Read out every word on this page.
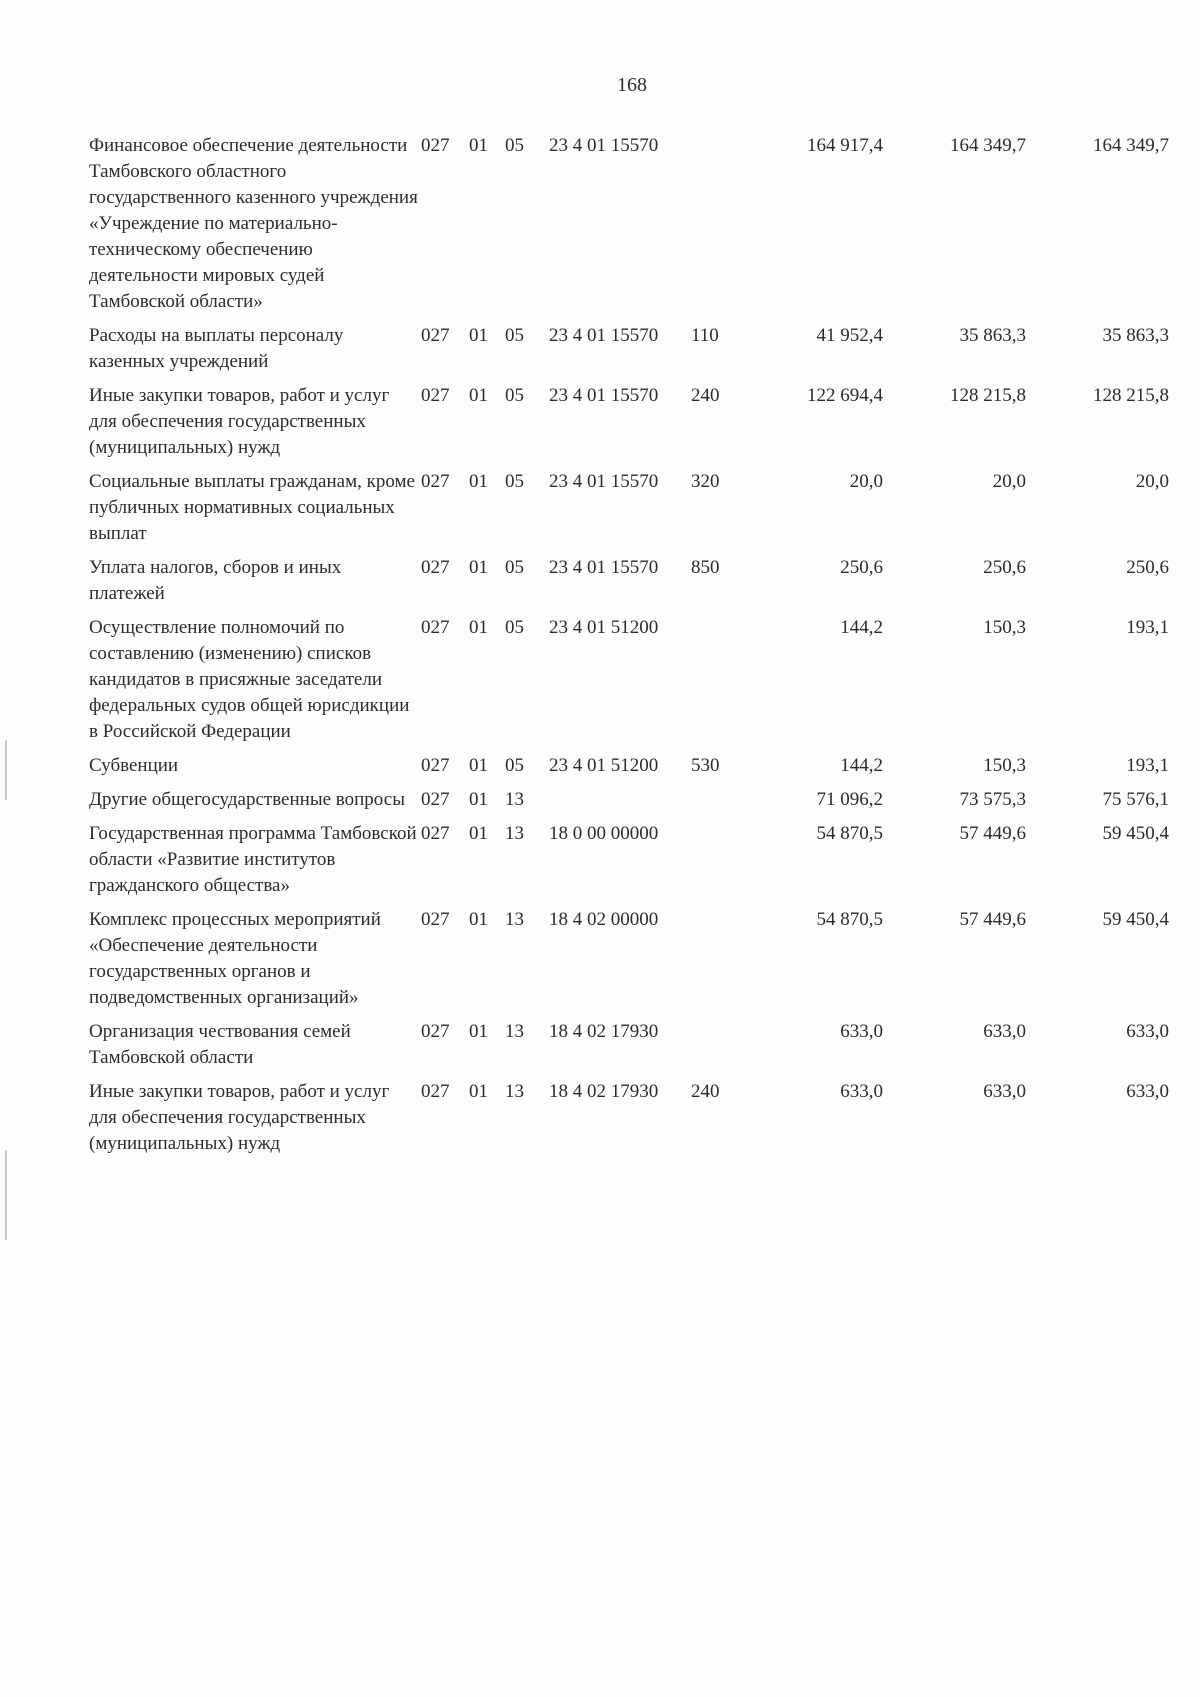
168
Финансовое обеспечение деятельности Тамбовского областного государственного казенного учреждения «Учреждение по материально-техническому обеспечению деятельности мировых судей Тамбовской области»	027	01	05	23 4 01 15570		164 917,4	164 349,7	164 349,7
Расходы на выплаты персоналу казенных учреждений	027	01	05	23 4 01 15570	110	41 952,4	35 863,3	35 863,3
Иные закупки товаров, работ и услуг для обеспечения государственных (муниципальных) нужд	027	01	05	23 4 01 15570	240	122 694,4	128 215,8	128 215,8
Социальные выплаты гражданам, кроме публичных нормативных социальных выплат	027	01	05	23 4 01 15570	320	20,0	20,0	20,0
Уплата налогов, сборов и иных платежей	027	01	05	23 4 01 15570	850	250,6	250,6	250,6
Осуществление полномочий по составлению (изменению) списков кандидатов в присяжные заседатели федеральных судов общей юрисдикции в Российской Федерации	027	01	05	23 4 01 51200		144,2	150,3	193,1
Субвенции	027	01	05	23 4 01 51200	530	144,2	150,3	193,1
Другие общегосударственные вопросы	027	01	13			71 096,2	73 575,3	75 576,1
Государственная программа Тамбовской области «Развитие институтов гражданского общества»	027	01	13	18 0 00 00000		54 870,5	57 449,6	59 450,4
Комплекс процессных мероприятий «Обеспечение деятельности государственных органов и подведомственных организаций»	027	01	13	18 4 02 00000		54 870,5	57 449,6	59 450,4
Организация чествования семей Тамбовской области	027	01	13	18 4 02 17930		633,0	633,0	633,0
Иные закупки товаров, работ и услуг для обеспечения государственных (муниципальных) нужд	027	01	13	18 4 02 17930	240	633,0	633,0	633,0
